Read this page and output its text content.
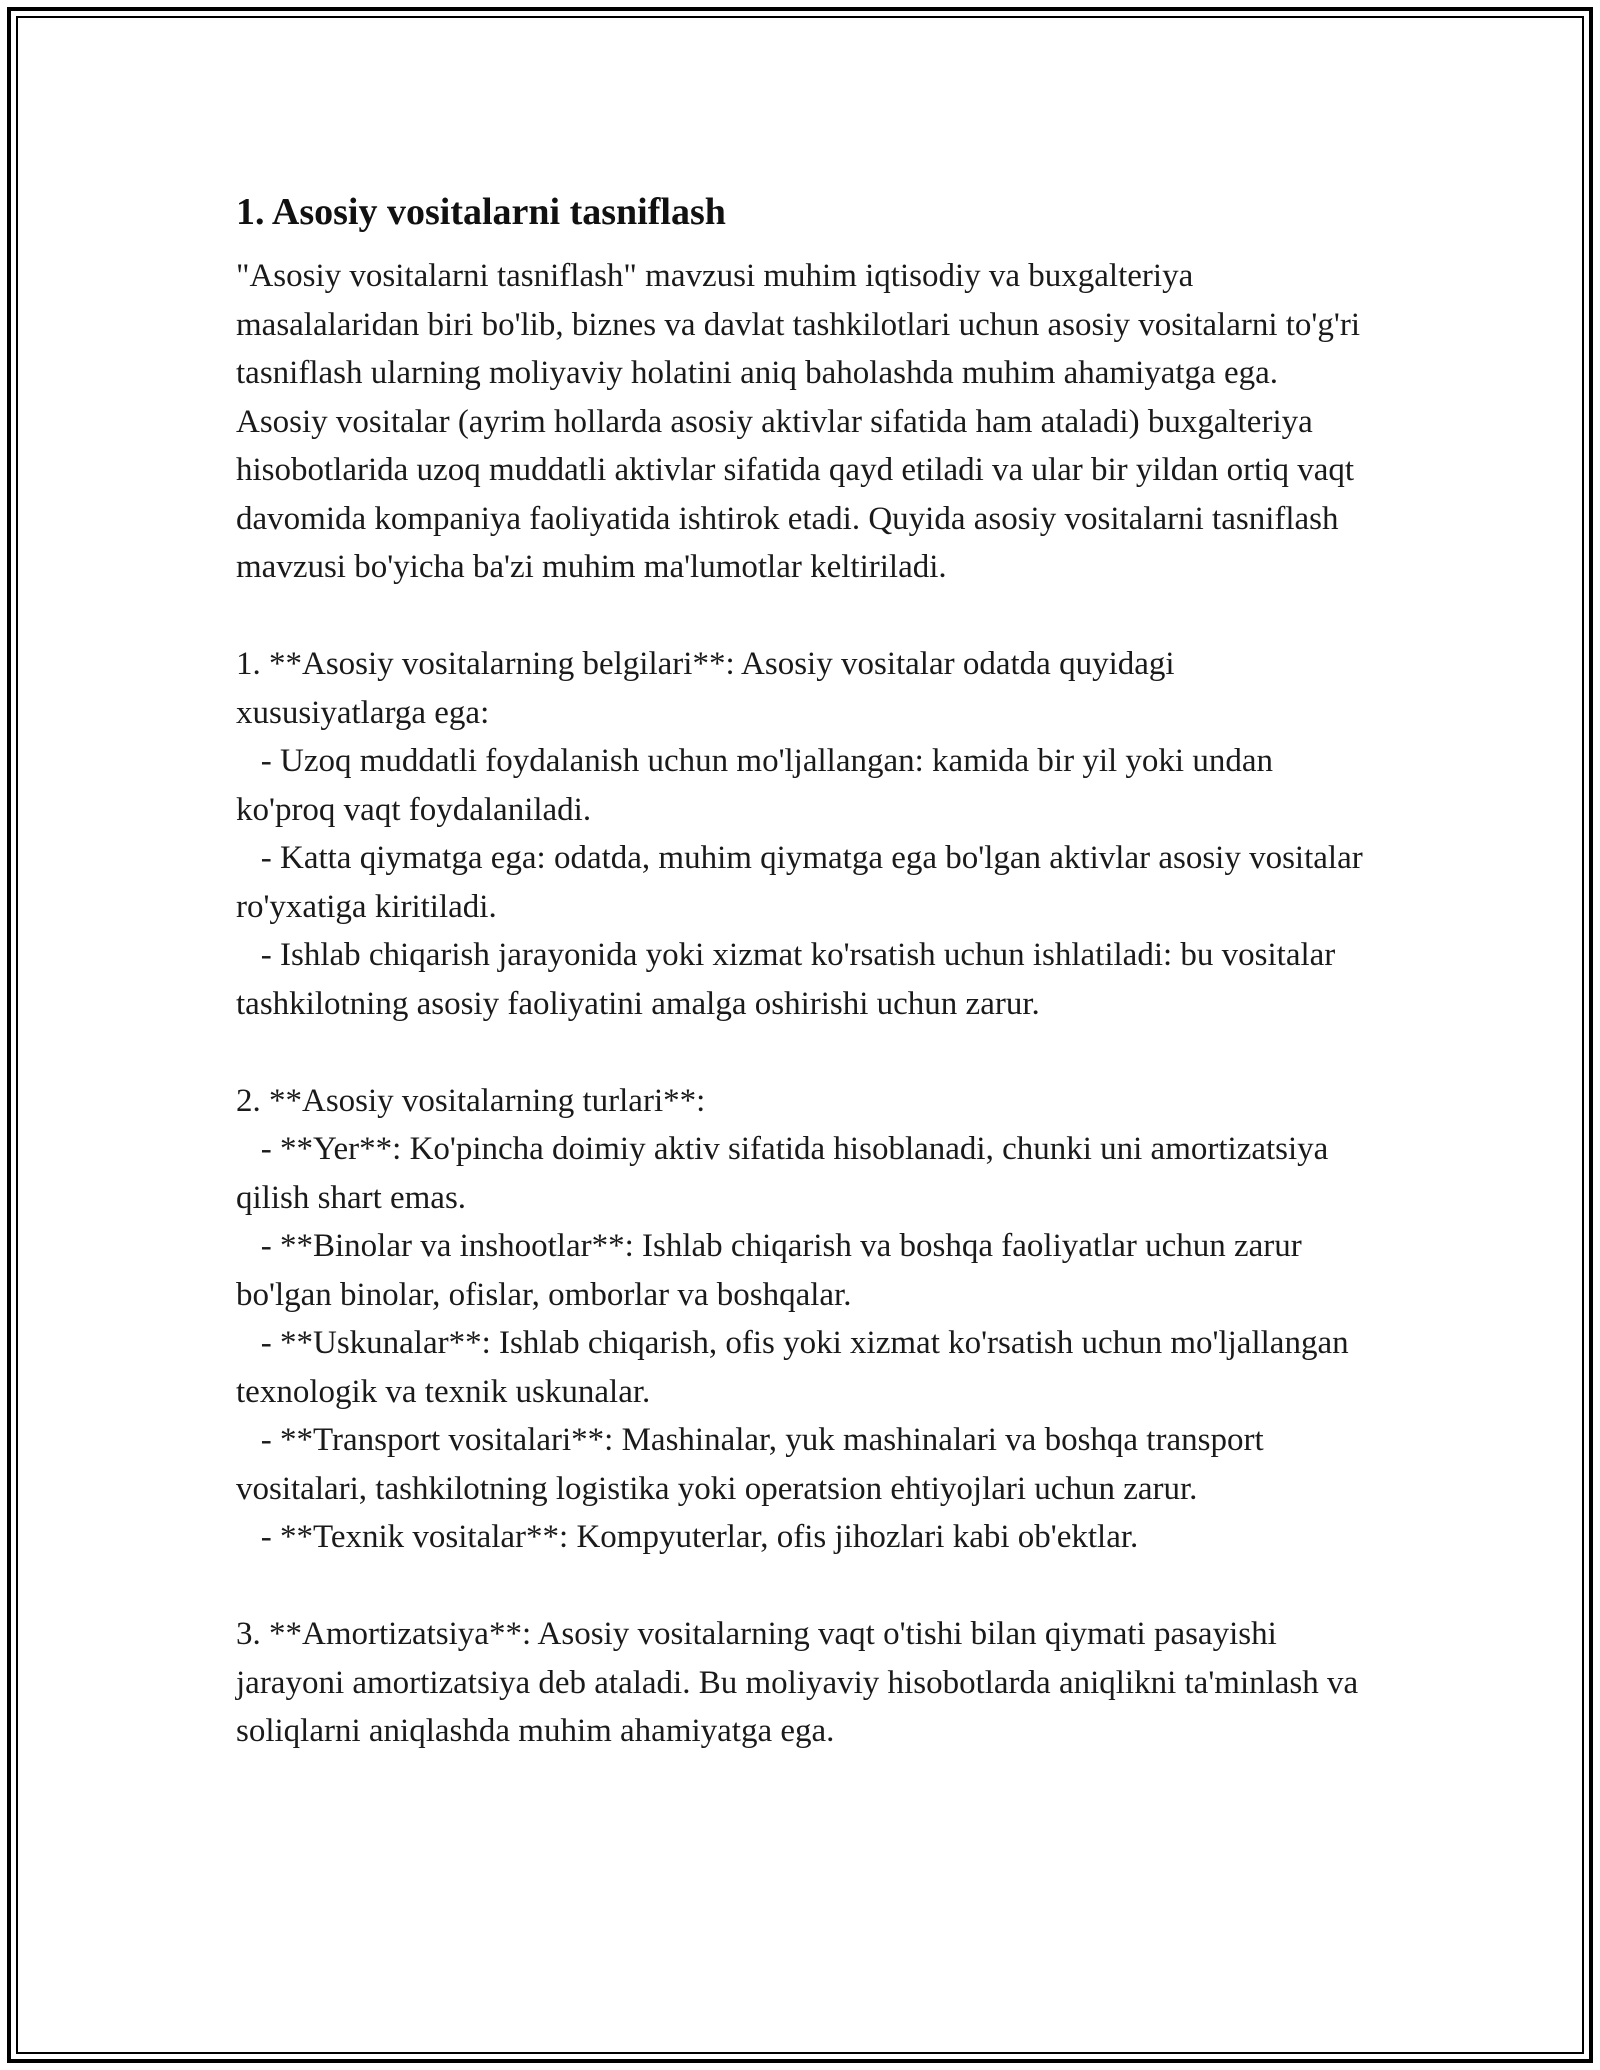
1. Asosiy vositalarni tasniflash

"Asosiy vositalarni tasniflash" mavzusi muhim iqtisodiy va buxgalteriya masalalaridan biri bo'lib, biznes va davlat tashkilotlari uchun asosiy vositalarni to'g'ri tasniflash ularning moliyaviy holatini aniq baholashda muhim ahamiyatga ega. Asosiy vositalar (ayrim hollarda asosiy aktivlar sifatida ham ataladi) buxgalteriya hisobotlarida uzoq muddatli aktivlar sifatida qayd etiladi va ular bir yildan ortiq vaqt davomida kompaniya faoliyatida ishtirok etadi. Quyida asosiy vositalarni tasniflash mavzusi bo'yicha ba'zi muhim ma'lumotlar keltiriladi.

1. **Asosiy vositalarning belgilari**: Asosiy vositalar odatda quyidagi xususiyatlarga ega:

- Uzoq muddatli foydalanish uchun mo'ljallangan: kamida bir yil yoki undan ko'proq vaqt foydalaniladi.

- Katta qiymatga ega: odatda, muhim qiymatga ega bo'lgan aktivlar asosiy vositalar ro'yxatiga kiritiladi.

- Ishlab chiqarish jarayonida yoki xizmat ko'rsatish uchun ishlatiladi: bu vositalar tashkilotning asosiy faoliyatini amalga oshirishi uchun zarur.

2. **Asosiy vositalarning turlari**:

- **Yer**: Ko'pincha doimiy aktiv sifatida hisoblanadi, chunki uni amortizatsiya qilish shart emas.

- **Binolar va inshootlar**: Ishlab chiqarish va boshqa faoliyatlar uchun zarur bo'lgan binolar, ofislar, omborlar va boshqalar.

- **Uskunalar**: Ishlab chiqarish, ofis yoki xizmat ko'rsatish uchun mo'ljallangan texnologik va texnik uskunalar.

- **Transport vositalari**: Mashinalar, yuk mashinalari va boshqa transport vositalari, tashkilotning logistika yoki operatsion ehtiyojlari uchun zarur.

- **Texnik vositalar**: Kompyuterlar, ofis jihozlari kabi ob'ektlar.

3. **Amortizatsiya**: Asosiy vositalarning vaqt o'tishi bilan qiymati pasayishi jarayoni amortizatsiya deb ataladi. Bu moliyaviy hisobotlarda aniqlikni ta'minlash va soliqlarni aniqlashda muhim ahamiyatga ega.
